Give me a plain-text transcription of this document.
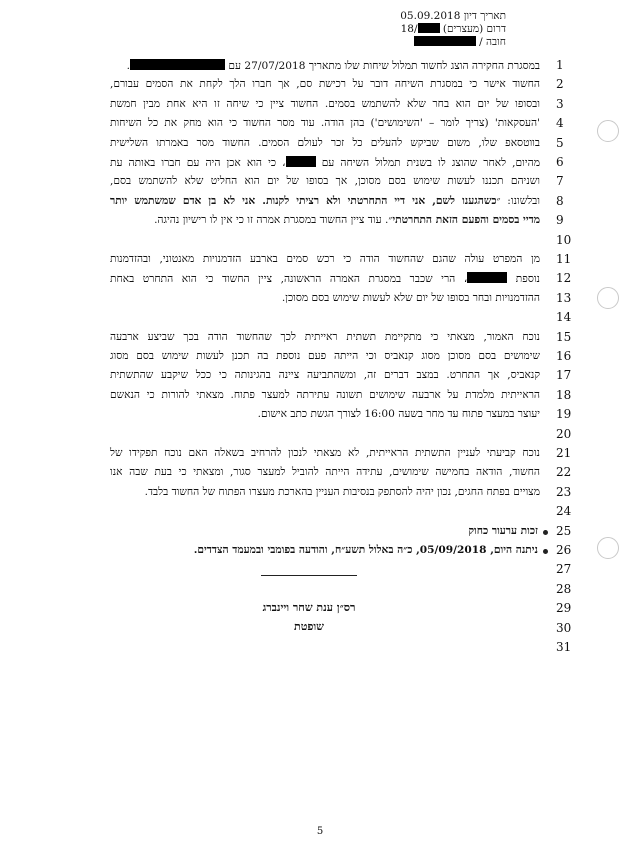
תאריך דיון 05.09.2018
דרום (מעצרים) /18
חובה /
1
במסגרת החקירה הוצג לחשוד תמלול שיחות שלו מתאריך 27/07/2018 עם .
2
החשוד אישר כי במסגרת השיחה דובר על רכישת סם, אך חברו הלך לקחת את הסמים עבורם,
3
ובסופו של יום הוא בחר שלא להשתמש בסמים. החשוד ציין כי שיחה זו היא אחת מבין חמשת
4
'העסקאות' (צריך לומר – 'השימושים') בהן הודה. עוד מסר החשוד כי הוא מחק את כל השיחות
5
בווטסאפ שלו, משום שביקש להעלים כל זכר לעולם הסמים. החשוד מסר באמרתו השלישית
6
מהיום, לאחר שהוצג לו בשנית תמלול השיחה עם ، כי הוא אכן היה עם חברו באותה עת
7
ושניהם תכננו לעשות שימוש בסם מסוכן, אך בסופו של יום הוא החליט שלא להשתמש בסם,
8
ובלשונו: ״כשהגענו לשם, אני דיי התחרטתי ולא רציתי לקנות. אני לא בן אדם שמשתמש יותר
9
מדיי בסמים והפעם הזאת התחרטתי״. עוד ציין החשוד במסגרת אמרה זו כי אין לו רישיון נהיגה.
10
11
מן המפרט עולה שהגם שהחשוד הודה כי רכש סמים בארבע הזדמנויות מאנטוני, ובהזדמנות
12
נוספת ، הרי שכבר במסגרת האמרה הראשונה, ציין החשוד כי הוא התחרט באחת
13
ההזדמנויות ובחר בסופו של יום שלא לעשות שימוש בסם מסוכן.
14
15
נוכח האמור, מצאתי כי מתקיימת תשתית ראייתית לכך שהחשוד הודה בכך שביצע ארבעה
16
שימושים בסם מסוכן מסוג קנאביס וכי הייתה פעם נוספת בה תכנן לעשות שימוש בסם מסוג
17
קנאביס, אך התחרט. במצב דברים זה, ומשהתביעה ציינה בהגינותה כי ככל שיקבע שהתשתית
18
הראייתית מלמדת על ארבעה שימושים תשונה עתירתה למעצר פתוח. מצאתי להורות כי הנאשם
19
יעוצר במעצר פתוח עד מחר בשעה 16:00 לצורך הגשת כתב אישום.
20
21
נוכח קביעתי לעניין התשתית הראייתית, לא מצאתי לנכון להרחיב בשאלה האם נוכח תפקידו של
22
החשוד, הודאה בחמישה שימושים, עתידה הייתה להוביל למעצר סגור, ומצאתי כי בעת שבה אנו
23
מצויים בפתח החגים, נכון יהיה להסתפק בנסיבות העניין בהארכת מעצרו הפתוח של החשוד בלבד.
24
25
זכות ערעור כחוק
26
ניתנה היום, 05/09/2018, כ״ה באלול תשע״ח, והודעה בפומבי ובמעמד הצדדים.
27
28
29
30
31
רס״ן ענת שחר ויינברג
שופטת
5
